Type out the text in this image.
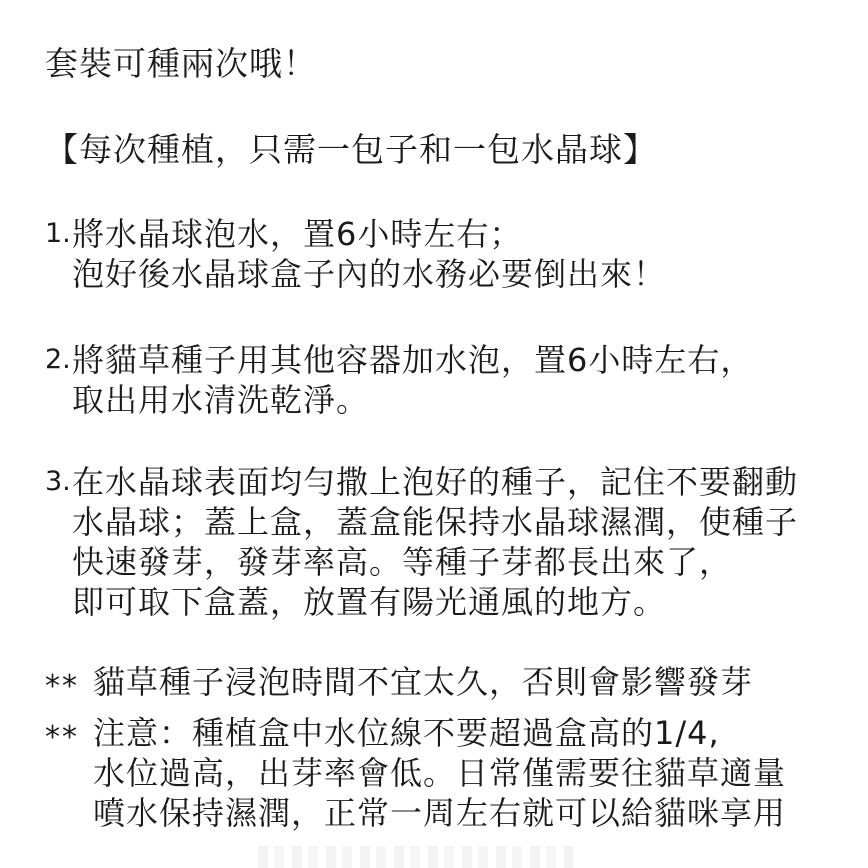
套裝可種兩次哦！
【每次種植，只需一包子和一包水晶球】
1. 將水晶球泡水，置6小時左右；
泡好後水晶球盒子內的水務必要倒出來！
2. 將貓草種子用其他容器加水泡，置6小時左右，
取出用水清洗乾淨。
3. 在水晶球表面均勻撒上泡好的種子，記住不要翻動
水晶球；蓋上盒，蓋盒能保持水晶球濕潤，使種子
快速發芽，發芽率高。等種子芽都長出來了，
即可取下盒蓋，放置有陽光通風的地方。
** 貓草種子浸泡時間不宜太久，否則會影響發芽
** 注意：種植盒中水位線不要超過盒高的1/4,
水位過高，出芽率會低。日常僅需要往貓草適量
噴水保持濕潤，正常一周左右就可以給貓咪享用
